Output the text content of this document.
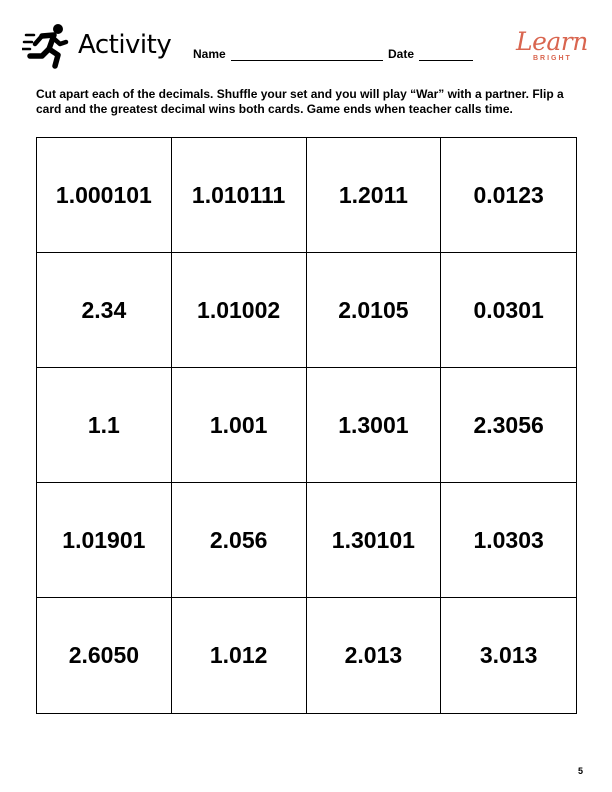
Activity Name	Date	Learn
BRIGHT
Cut apart each of the decimals. Shuffle your set and you will play “War” with a partner. Flip a card and the greatest decimal wins both cards. Game ends when teacher calls time.
1.000101	1.010111	1.2011	0.0123
2.34	1.01002	2.0105	0.0301
1.1	1.001	1.3001	2.3056
1.01901	2.056	1.30101	1.0303
2.6050	1.012	2.013	3.013
5
